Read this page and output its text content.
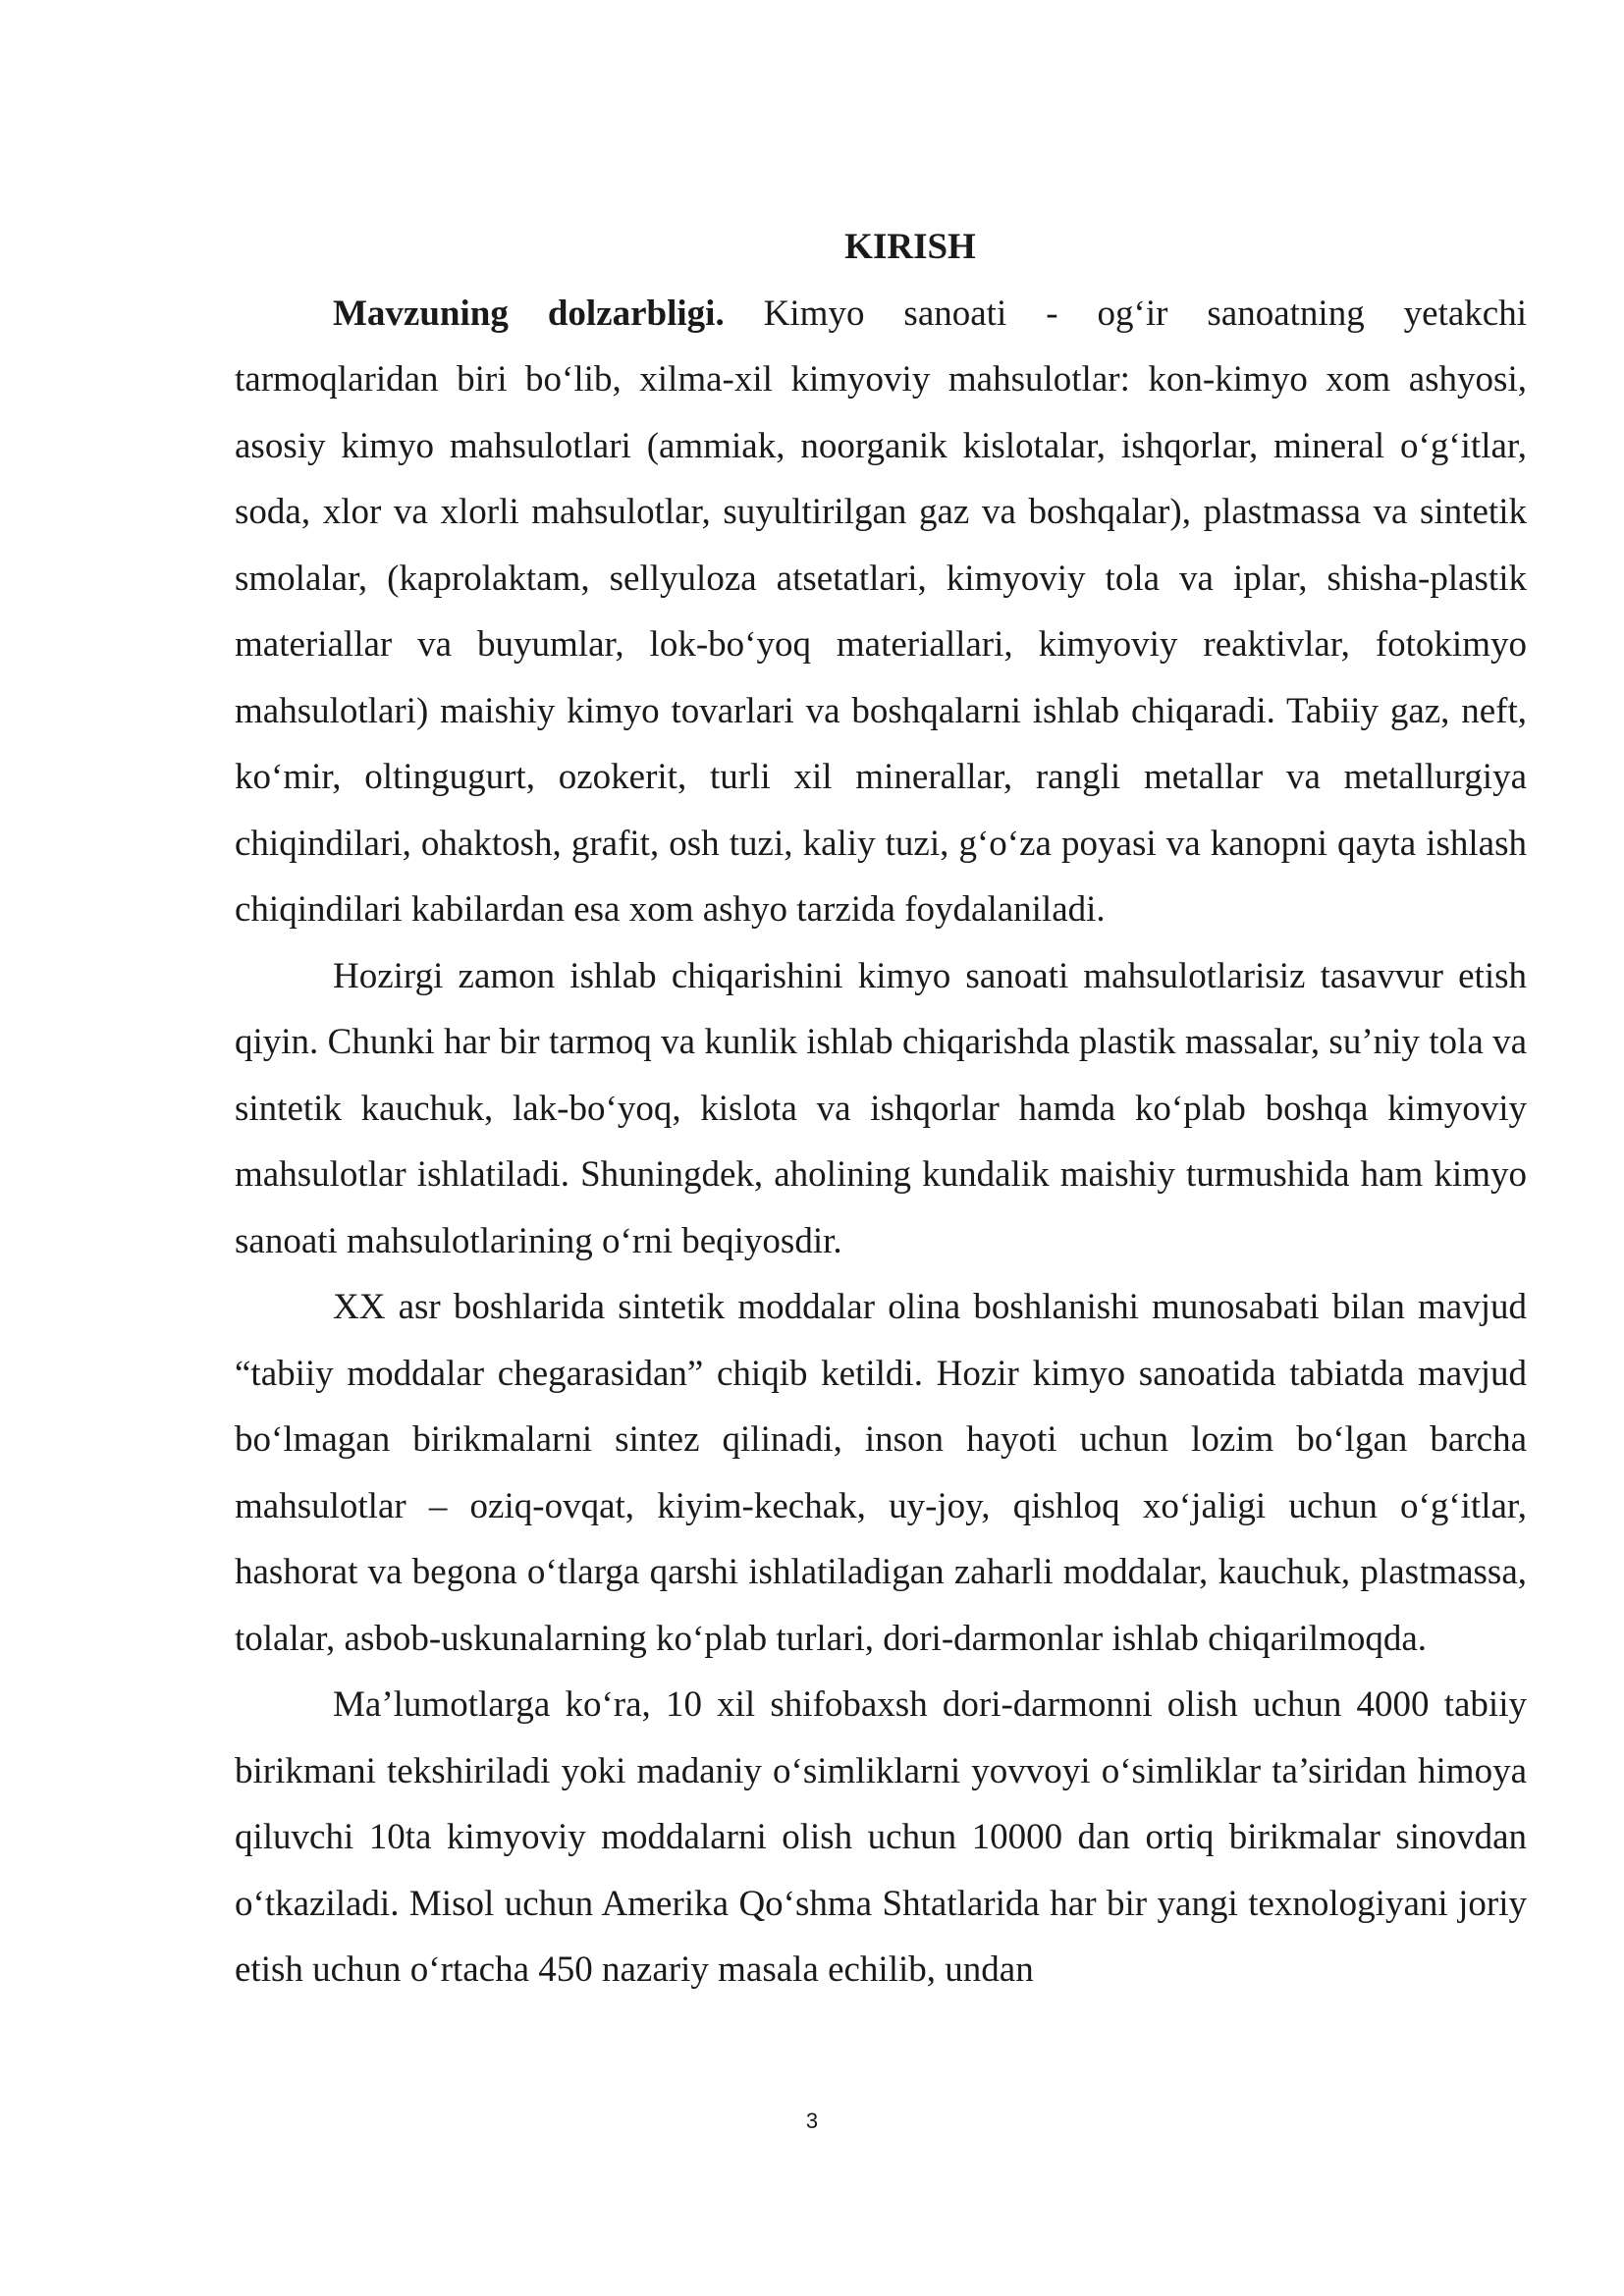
KIRISH

Mavzuning dolzarbligi. Kimyo sanoati - og‘ir sanoatning yetakchi tarmoqlaridan biri bo‘lib, xilma-xil kimyoviy mahsulotlar: kon-kimyo xom ashyosi, asosiy kimyo mahsulotlari (ammiak, noorganik kislotalar, ishqorlar, mineral o‘g‘itlar, soda, xlor va xlorli mahsulotlar, suyultirilgan gaz va boshqalar), plastmassa va sintetik smolalar, (kaprolaktam, sellyuloza atsetatlari, kimyoviy tola va iplar, shisha-plastik materiallar va buyumlar, lok-bo‘yoq materiallari, kimyoviy reaktivlar, fotokimyo mahsulotlari) maishiy kimyo tovarlari va boshqalarni ishlab chiqaradi. Tabiiy gaz, neft, ko‘mir, oltingugurt, ozokerit, turli xil minerallar, rangli metallar va metallurgiya chiqindilari, ohaktosh, grafit, osh tuzi, kaliy tuzi, g‘o‘za poyasi va kanopni qayta ishlash chiqindilari kabilardan esa xom ashyo tarzida foydalaniladi.

Hozirgi zamon ishlab chiqarishini kimyo sanoati mahsulotlarisiz tasavvur etish qiyin. Chunki har bir tarmoq va kunlik ishlab chiqarishda plastik massalar, su’niy tola va sintetik kauchuk, lak-bo‘yoq, kislota va ishqorlar hamda ko‘plab boshqa kimyoviy mahsulotlar ishlatiladi. Shuningdek, aholining kundalik maishiy turmushida ham kimyo sanoati mahsulotlarining o‘rni beqiyosdir.

XX asr boshlarida sintetik moddalar olina boshlanishi munosabati bilan mavjud “tabiiy moddalar chegarasidan” chiqib ketildi. Hozir kimyo sanoatida tabiatda mavjud bo‘lmagan birikmalarni sintez qilinadi, inson hayoti uchun lozim bo‘lgan barcha mahsulotlar – oziq-ovqat, kiyim-kechak, uy-joy, qishloq xo‘jaligi uchun o‘g‘itlar, hashorat va begona o‘tlarga qarshi ishlatiladigan zaharli moddalar, kauchuk, plastmassa, tolalar, asbob-uskunalarning ko‘plab turlari, dori-darmonlar ishlab chiqarilmoqda.

Ma’lumotlarga ko‘ra, 10 xil shifobaxsh dori-darmonni olish uchun 4000 tabiiy birikmani tekshiriladi yoki madaniy o‘simliklarni yovvoyi o‘simliklar ta’siridan himoya qiluvchi 10ta kimyoviy moddalarni olish uchun 10000 dan ortiq birikmalar sinovdan o‘tkaziladi. Misol uchun Amerika Qo‘shma Shtatlarida har bir yangi texnologiyani joriy etish uchun o‘rtacha 450 nazariy masala echilib, undan

3
